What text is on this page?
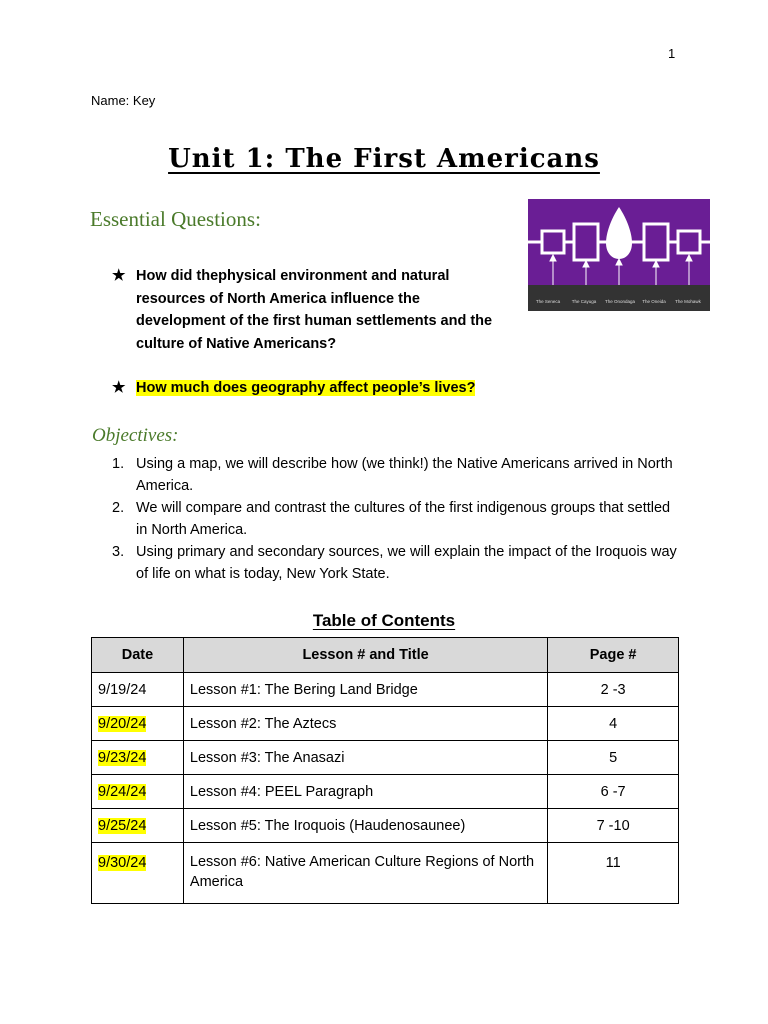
1
Name: Key
Unit 1: The First Americans
Essential Questions:
The Seneca	The Cayuga The Onondaga The Oneida The Mohawk
★ How did thephysical environment and natural resources of North America influence the development of the first human settlements and the culture of Native Americans?
★ How much does geography affect people’s lives?
Objectives:
1. Using a map, we will describe how (we think!) the Native Americans arrived in North America.
2. We will compare and contrast the cultures of the first indigenous groups that settled in North America.
3. Using primary and secondary sources, we will explain the impact of the Iroquois way of life on what is today, New York State.
Table of Contents
Date	Lesson # and Title	Page #
9/19/24	Lesson #1: The Bering Land Bridge	2 -3
9/20/24	Lesson #2: The Aztecs	4
9/23/24	Lesson #3: The Anasazi	5
9/24/24	Lesson #4: PEEL Paragraph	6 -7
9/25/24	Lesson #5: The Iroquois (Haudenosaunee)	7 -10
9/30/24	Lesson #6: Native American Culture Regions of North America	11
